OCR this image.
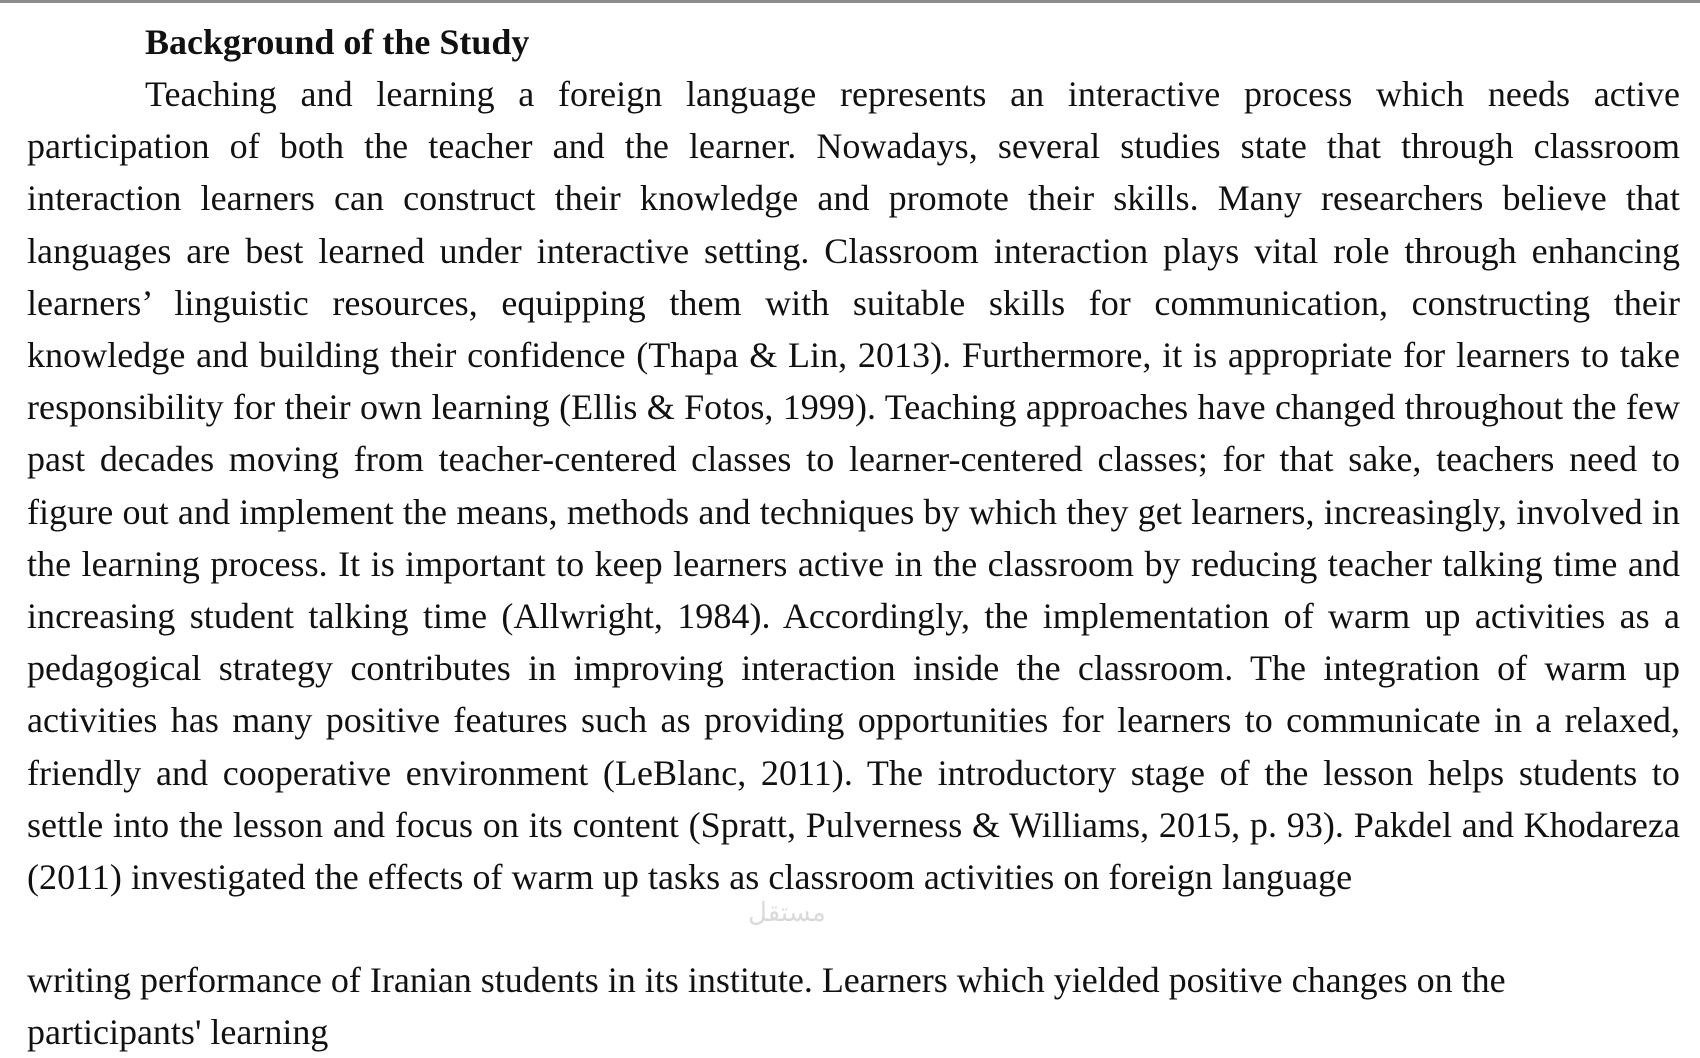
Background of the Study

Teaching and learning a foreign language represents an interactive process which needs active participation of both the teacher and the learner. Nowadays, several studies state that through classroom interaction learners can construct their knowledge and promote their skills. Many researchers believe that languages are best learned under interactive setting. Classroom interaction plays vital role through enhancing learners’ linguistic resources, equipping them with suitable skills for communication, constructing their knowledge and building their confidence (Thapa & Lin, 2013). Furthermore, it is appropriate for learners to take responsibility for their own learning (Ellis & Fotos, 1999). Teaching approaches have changed throughout the few past decades moving from teacher-centered classes to learner-centered classes; for that sake, teachers need to figure out and implement the means, methods and techniques by which they get learners, increasingly, involved in the learning process. It is important to keep learners active in the classroom by reducing teacher talking time and increasing student talking time (Allwright, 1984). Accordingly, the implementation of warm up activities as a pedagogical strategy contributes in improving interaction inside the classroom. The integration of warm up activities has many positive features such as providing opportunities for learners to communicate in a relaxed, friendly and cooperative environment (LeBlanc, 2011). The introductory stage of the lesson helps students to settle into the lesson and focus on its content (Spratt, Pulverness & Williams, 2015, p. 93). Pakdel and Khodareza (2011) investigated the effects of warm up tasks as classroom activities on foreign language

writing performance of Iranian students in its institute. Learners which yielded positive changes on the participants' learning
مستقل
